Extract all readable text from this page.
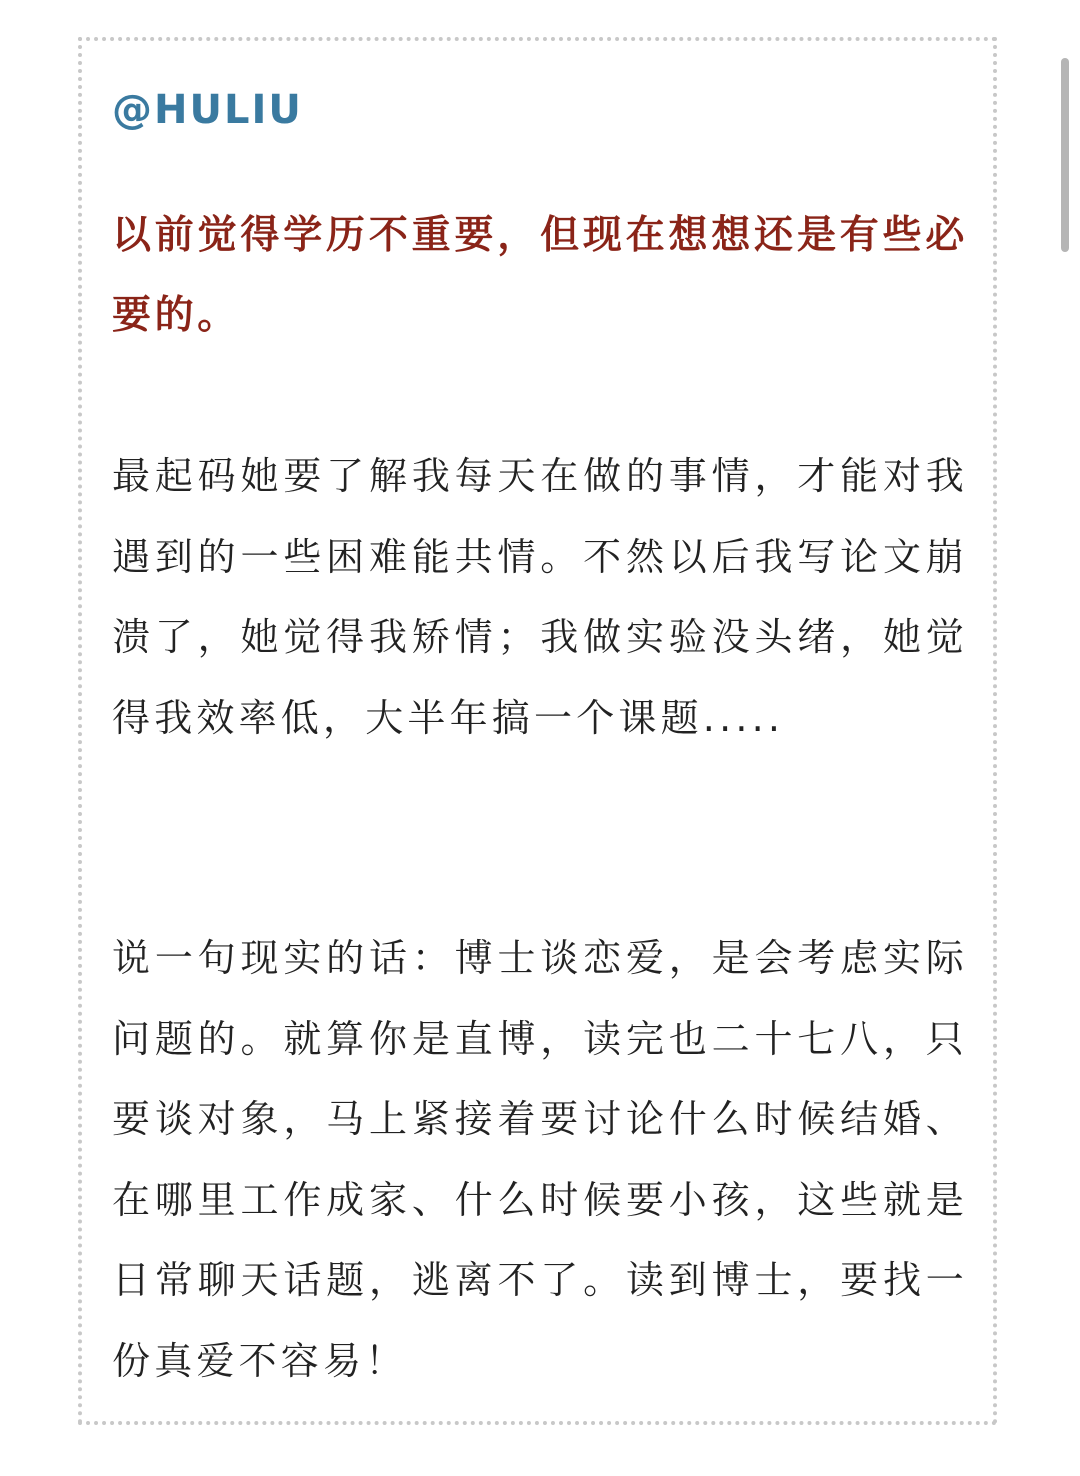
@HULIU

以前觉得学历不重要，但现在想想还是有些必要的。

最起码她要了解我每天在做的事情，才能对我遇到的一些困难能共情。不然以后我写论文崩溃了，她觉得我矫情；我做实验没头绪，她觉得我效率低，大半年搞一个课题.....

说一句现实的话：博士谈恋爱，是会考虑实际问题的。就算你是直博，读完也二十七八，只要谈对象，马上紧接着要讨论什么时候结婚、在哪里工作成家、什么时候要小孩，这些就是日常聊天话题，逃离不了。读到博士，要找一份真爱不容易！
